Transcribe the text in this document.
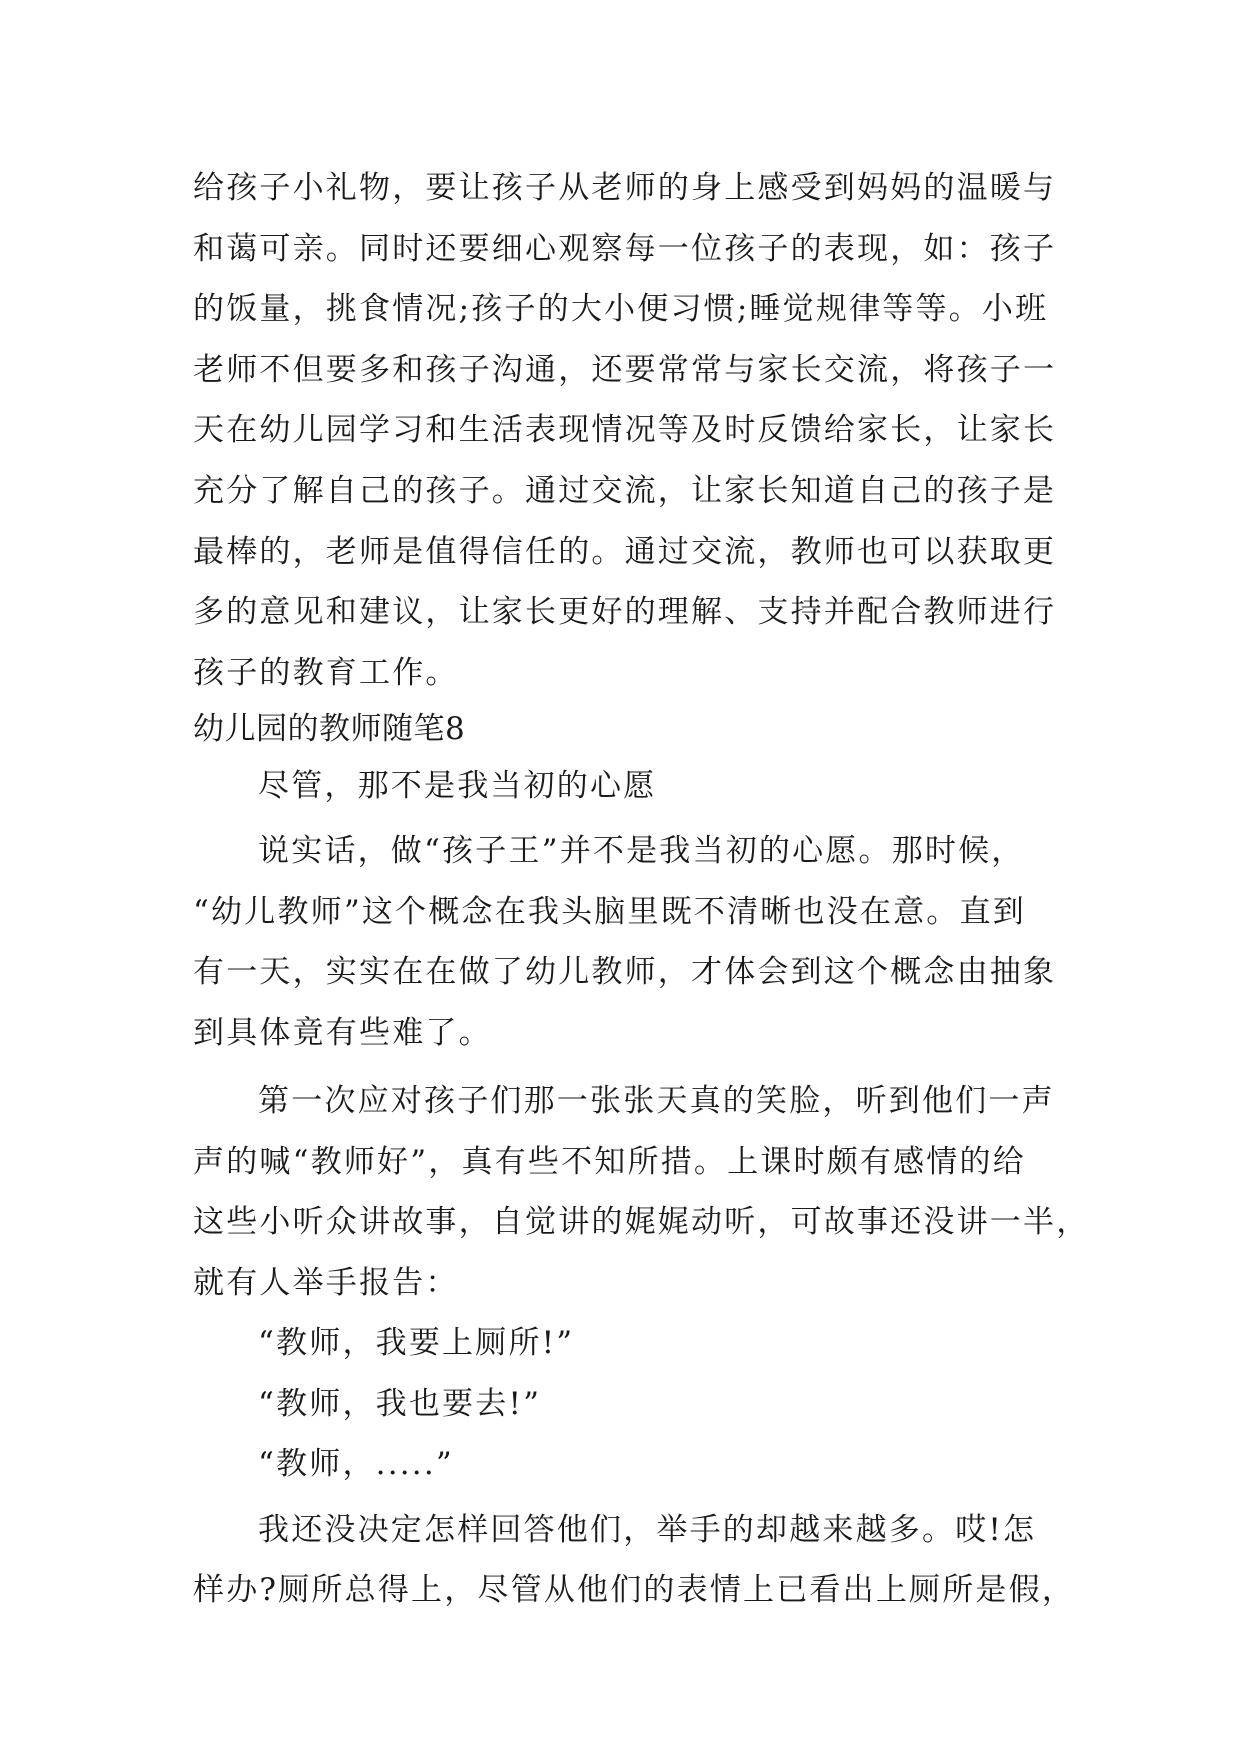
给孩子小礼物，要让孩子从老师的身上感受到妈妈的温暖与

和蔼可亲。同时还要细心观察每一位孩子的表现，如：孩子

的饭量，挑食情况;孩子的大小便习惯;睡觉规律等等。小班

老师不但要多和孩子沟通，还要常常与家长交流，将孩子一

天在幼儿园学习和生活表现情况等及时反馈给家长，让家长

充分了解自己的孩子。通过交流，让家长知道自己的孩子是

最棒的，老师是值得信任的。通过交流，教师也可以获取更

多的意见和建议，让家长更好的理解、支持并配合教师进行

孩子的教育工作。

幼儿园的教师随笔8

尽管，那不是我当初的心愿

说实话，做“孩子王”并不是我当初的心愿。那时候，

“幼儿教师”这个概念在我头脑里既不清晰也没在意。直到

有一天，实实在在做了幼儿教师，才体会到这个概念由抽象

到具体竟有些难了。

第一次应对孩子们那一张张天真的笑脸，听到他们一声

声的喊“教师好”，真有些不知所措。上课时颇有感情的给

这些小听众讲故事，自觉讲的娓娓动听，可故事还没讲一半，

就有人举手报告：

“教师，我要上厕所!”

“教师，我也要去!”

“教师，.....”

我还没决定怎样回答他们，举手的却越来越多。哎!怎

样办?厕所总得上，尽管从他们的表情上已看出上厕所是假，
